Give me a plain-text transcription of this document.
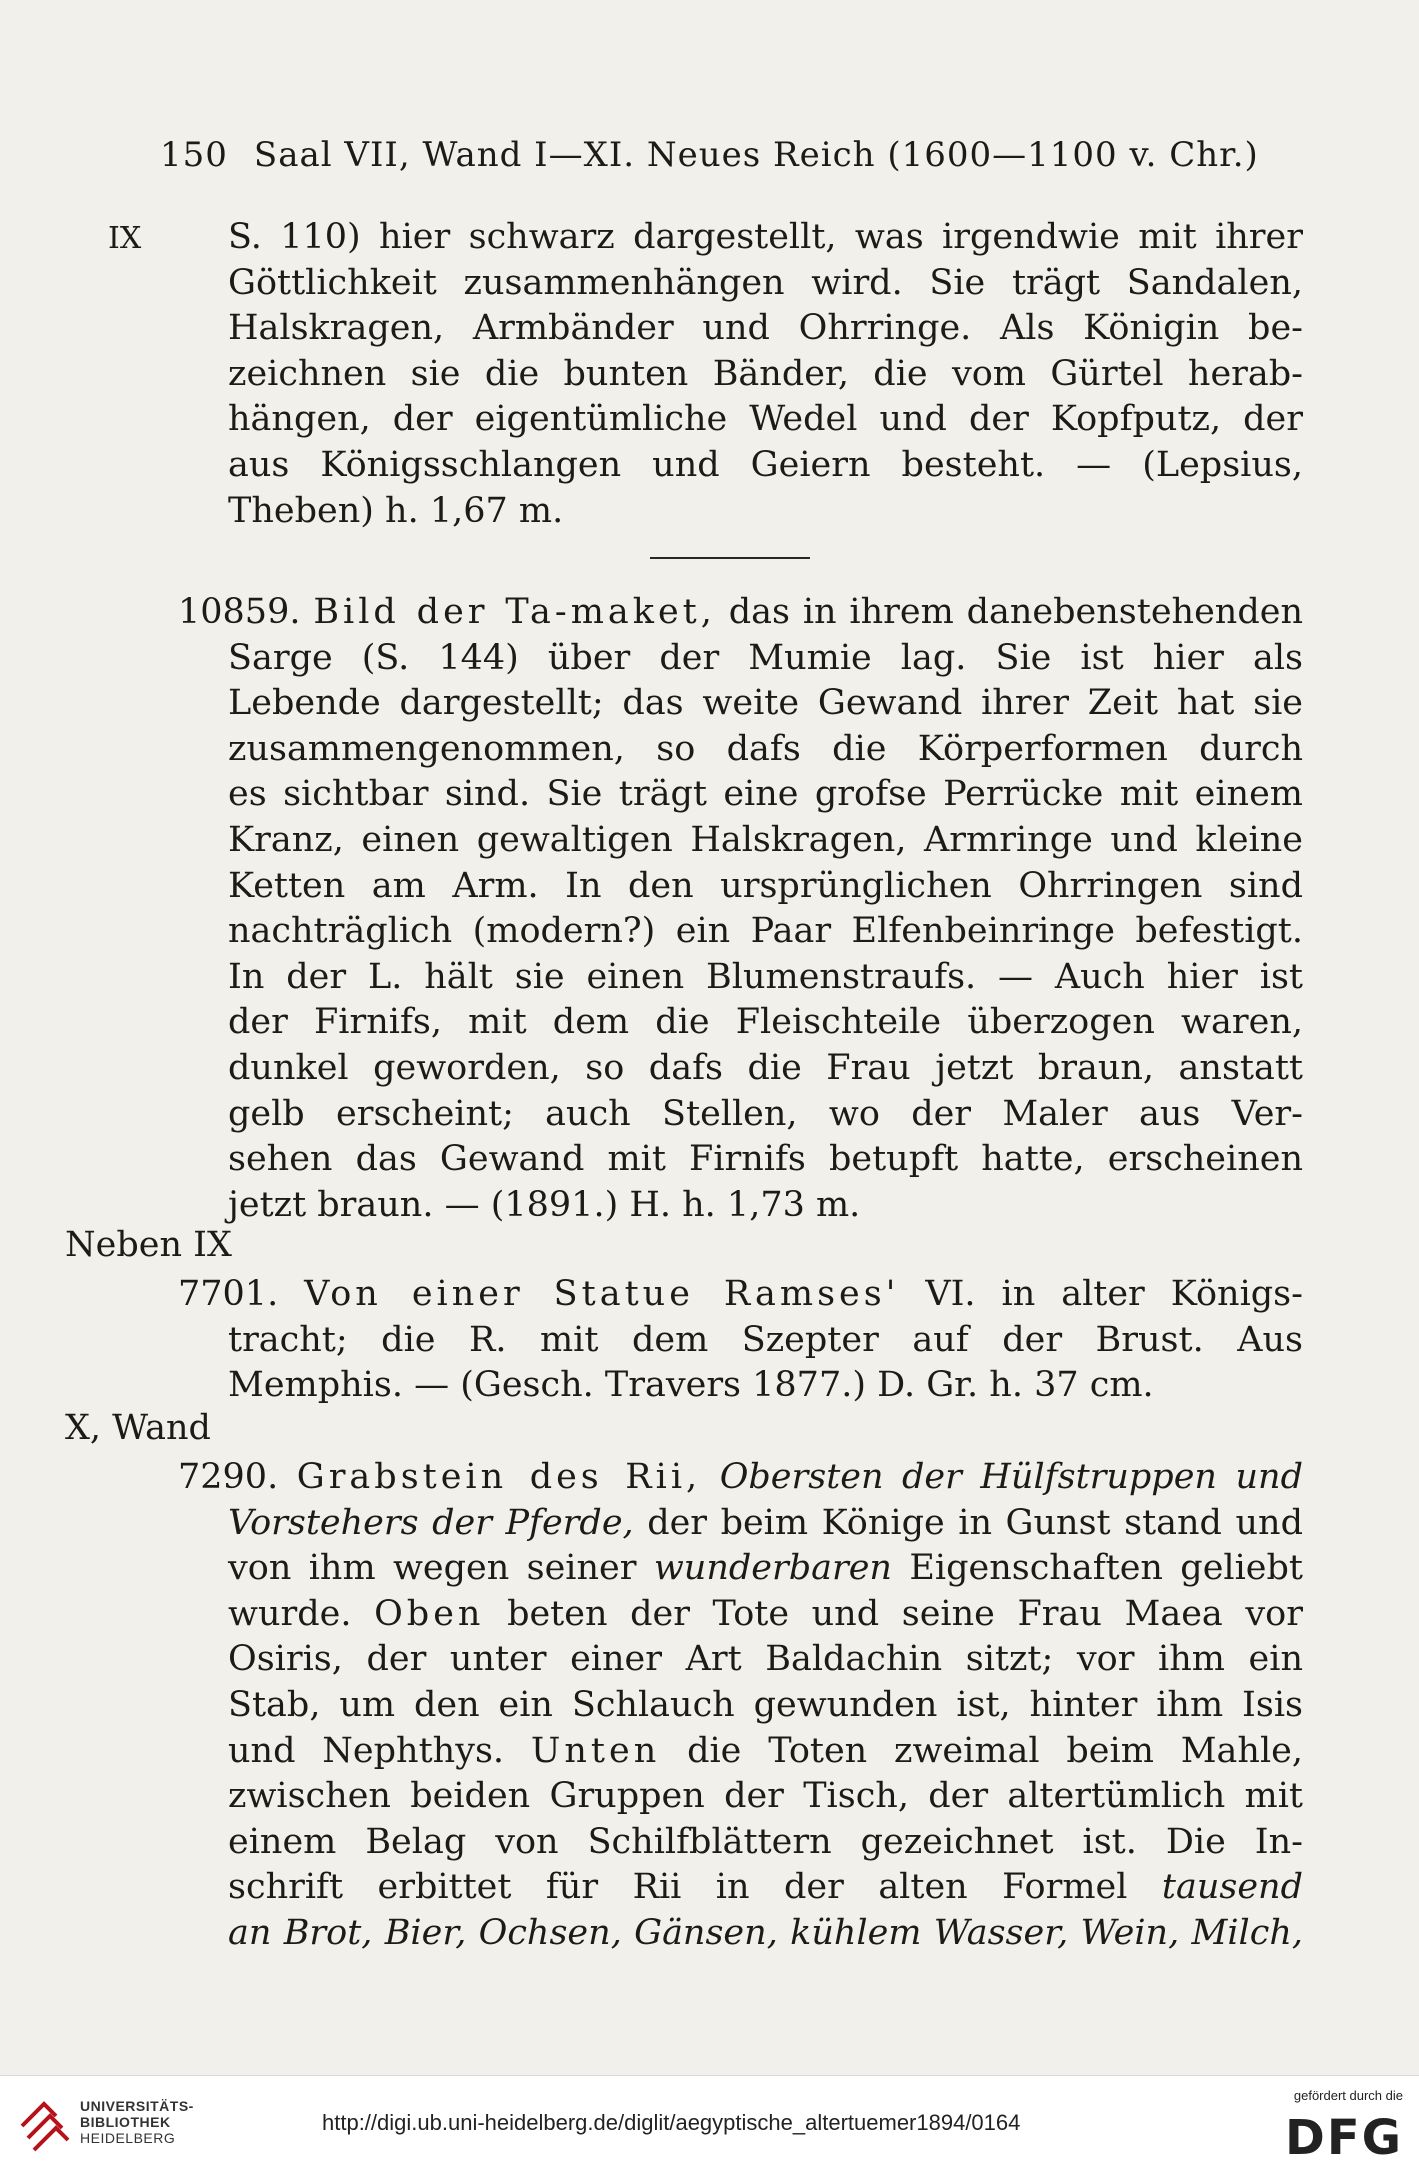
150 Saal VII, Wand I—XI. Neues Reich (1600—1100 v. Chr.)
IX S. 110) hier schwarz dargestellt, was irgendwie mit ihrer

Göttlichkeit zusammenhängen wird. Sie trägt Sandalen,

Halskragen, Armbänder und Ohrringe. Als Königin be-

zeichnen sie die bunten Bänder, die vom Gürtel herab-

hängen, der eigentümliche Wedel und der Kopfputz, der

aus Königsschlangen und Geiern besteht. — (Lepsius,

Theben) h. 1,67 m.

10859. Bild der Ta-maket, das in ihrem danebenstehenden

Sarge (S. 144) über der Mumie lag. Sie ist hier als

Lebende dargestellt; das weite Gewand ihrer Zeit hat sie

zusammengenommen, so dafs die Körperformen durch

es sichtbar sind. Sie trägt eine grofse Perrücke mit einem

Kranz, einen gewaltigen Halskragen, Armringe und kleine

Ketten am Arm. In den ursprünglichen Ohrringen sind

nachträglich (modern?) ein Paar Elfenbeinringe befestigt.

In der L. hält sie einen Blumenstraufs. — Auch hier ist

der Firnifs, mit dem die Fleischteile überzogen waren,

dunkel geworden, so dafs die Frau jetzt braun, anstatt

gelb erscheint; auch Stellen, wo der Maler aus Ver-

sehen das Gewand mit Firnifs betupft hatte, erscheinen

jetzt braun. — (1891.) H. h. 1,73 m.

Neben IX

7701. Von einer Statue Ramses' VI. in alter Königs-

tracht; die R. mit dem Szepter auf der Brust. Aus

Memphis. — (Gesch. Travers 1877.) D. Gr. h. 37 cm.

X, Wand

7290. Grabstein des Rii, Obersten der Hülfstruppen und

Vorstehers der Pferde, der beim Könige in Gunst stand und

von ihm wegen seiner wunderbaren Eigenschaften geliebt

wurde. Oben beten der Tote und seine Frau Maea vor

Osiris, der unter einer Art Baldachin sitzt; vor ihm ein

Stab, um den ein Schlauch gewunden ist, hinter ihm Isis

und Nephthys. Unten die Toten zweimal beim Mahle,

zwischen beiden Gruppen der Tisch, der altertümlich mit

einem Belag von Schilfblättern gezeichnet ist. Die In-

schrift erbittet für Rii in der alten Formel tausend

an Brot, Bier, Ochsen, Gänsen, kühlem Wasser, Wein, Milch,

UNIVERSITÄTS-
BIBLIOTHEK
HEIDELBERG
http://digi.ub.uni-heidelberg.de/diglit/aegyptische_altertuemer1894/0164
gefördert durch die
DFG
